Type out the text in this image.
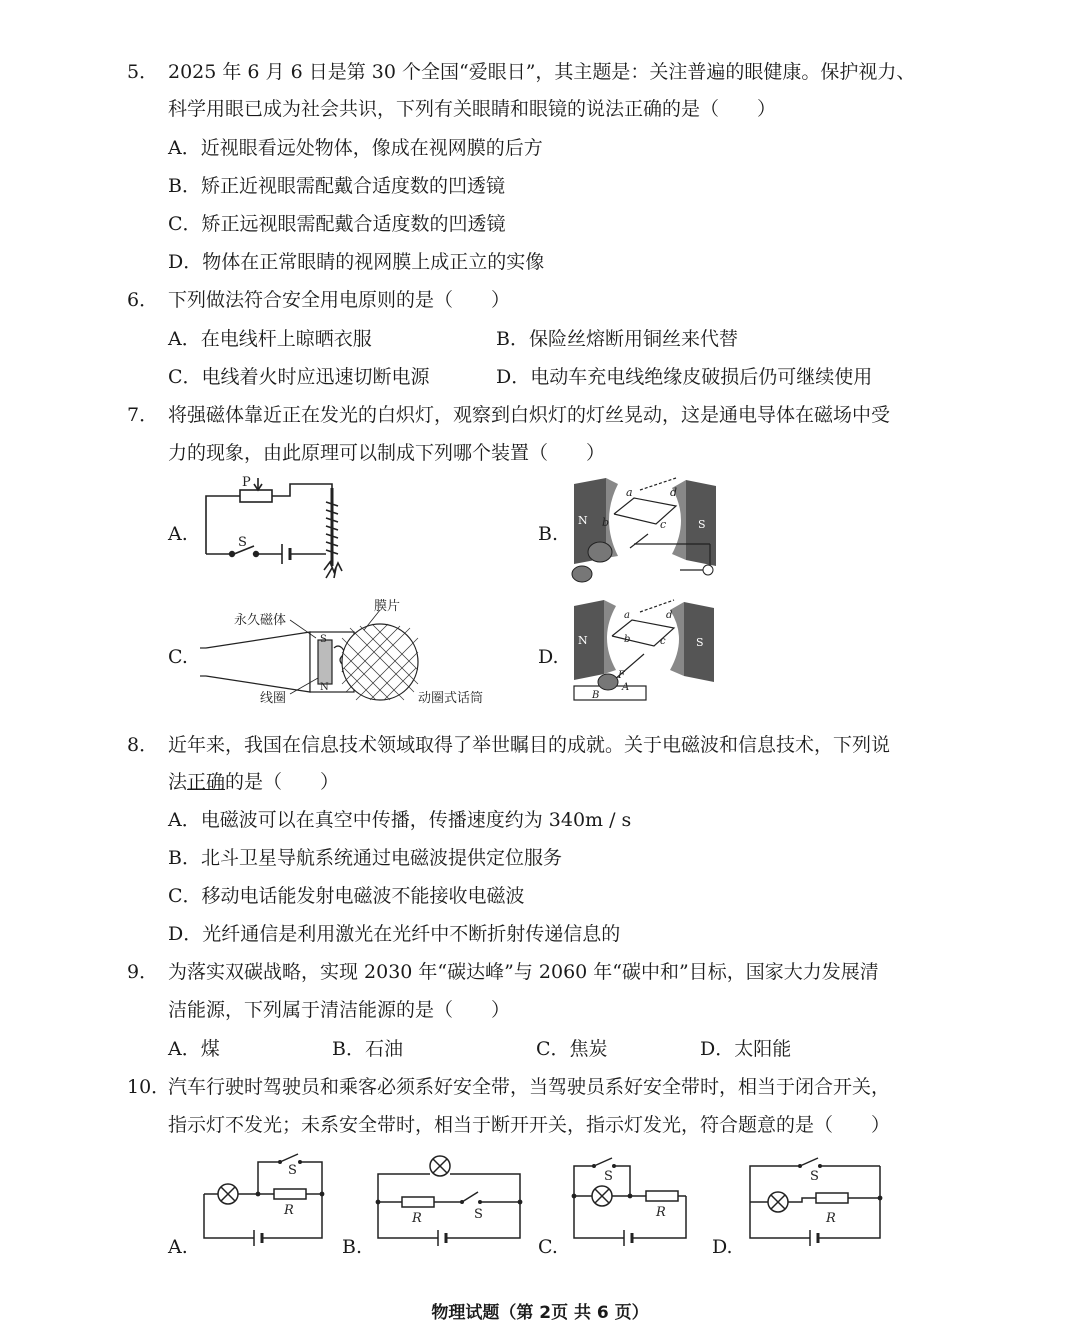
5． 2025 年 6 月 6 日是第 30 个全国“爱眼日”，其主题是：关注普遍的眼健康。保护视力、
科学用眼已成为社会共识，下列有关眼睛和眼镜的说法正确的是（　　）
A．近视眼看远处物体，像成在视网膜的后方
B．矫正近视眼需配戴合适度数的凹透镜
C．矫正远视眼需配戴合适度数的凹透镜
D．物体在正常眼睛的视网膜上成正立的实像
6． 下列做法符合安全用电原则的是（　　）
A．在电线杆上晾晒衣服	B．保险丝熔断用铜丝来代替
C．电线着火时应迅速切断电源	D．电动车充电线绝缘皮破损后仍可继续使用
7． 将强磁体靠近正在发光的白炽灯，观察到白炽灯的灯丝晃动，这是通电导体在磁场中受
力的现象，由此原理可以制成下列哪个装置（　　）
A.	B.
C.	D.
P
S
N	S
a
b	c
d
永久磁体
膜片
线圈	动圈式话筒
S
N
N	S
a
b	c
d
F
A
B
8． 近年来，我国在信息技术领域取得了举世瞩目的成就。关于电磁波和信息技术，下列说
法正确的是（　　）
A．电磁波可以在真空中传播，传播速度约为 340m / s
B．北斗卫星导航系统通过电磁波提供定位服务
C．移动电话能发射电磁波不能接收电磁波
D．光纤通信是利用激光在光纤中不断折射传递信息的
9． 为落实双碳战略，实现 2030 年“碳达峰”与 2060 年“碳中和”目标，国家大力发展清
洁能源，下列属于清洁能源的是（　　）
A．煤	B．石油	C．焦炭	D．太阳能
10．
汽车行驶时驾驶员和乘客必须系好安全带，当驾驶员系好安全带时，相当于闭合开关，
指示灯不发光；未系安全带时，相当于断开开关，指示灯发光，符合题意的是（　　）
A.	B.	C.	D.
S
R	S
R
S
R
S
R
物理试题（第 2页 共 6 页）
